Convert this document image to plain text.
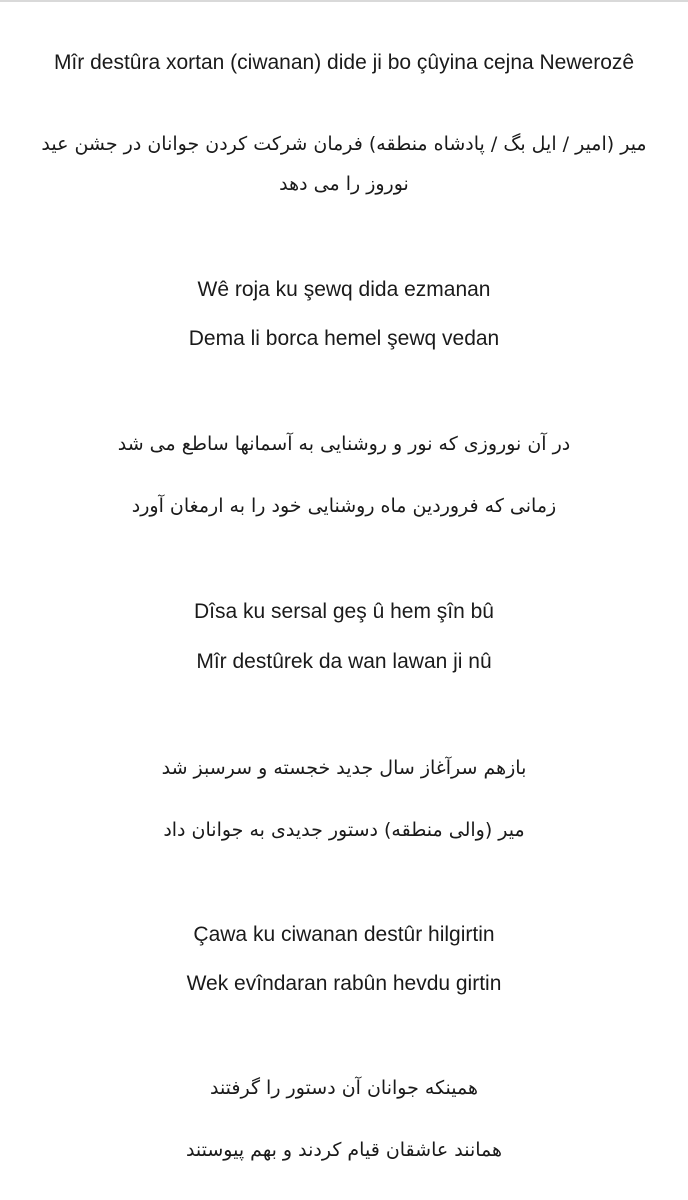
Mîr destûra xortan (ciwanan) dide ji bo çûyina cejna Newerozê
میر (امیر / ایل بگ / پادشاه منطقه) فرمان شرکت کردن جوانان در جشن عید نوروز را می دهد

Wê roja ku şewq dida ezmanan

Dema li borca hemel şewq vedan

در آن نوروزی که نور و روشنایی به آسمانها ساطع می شد

زمانی که فروردین ماه روشنایی خود را به ارمغان آورد

Dîsa ku sersal geş û hem şîn bû

Mîr destûrek da wan lawan ji nû

بازهم سرآغاز سال جدید خجسته و سرسبز شد

میر (والی منطقه) دستور جدیدی به جوانان داد

Çawa ku ciwanan destûr hilgirtin

Wek evîndaran rabûn hevdu girtin

همینکه جوانان آن دستور را گرفتند

همانند عاشقان قیام کردند و بهم پیوستند
